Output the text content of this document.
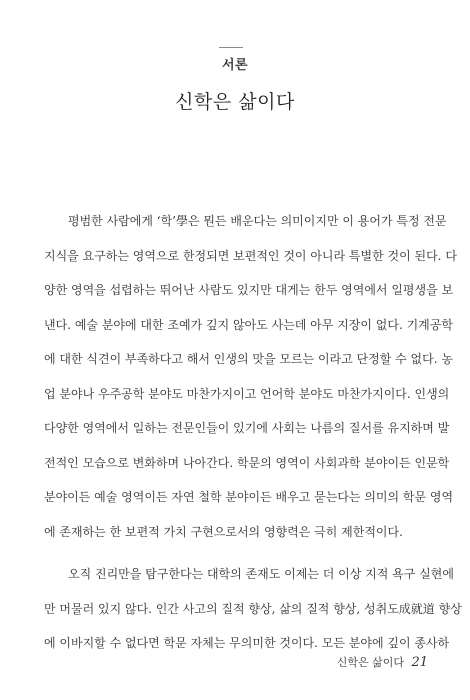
서론
신학은 삶이다
평범한 사람에게 ‘학’學은 뭔든 배운다는 의미이지만 이 용어가 특정 전문
지식을 요구하는 영역으로 한정되면 보편적인 것이 아니라 특별한 것이 된다. 다
양한 영역을 섭렵하는 뛰어난 사람도 있지만 대게는 한두 영역에서 일평생을 보
낸다. 예술 분야에 대한 조예가 깊지 않아도 사는데 아무 지장이 없다. 기계공학
에 대한 식견이 부족하다고 해서 인생의 맛을 모르는 이라고 단정할 수 없다. 농
업 분야나 우주공학 분야도 마찬가지이고 언어학 분야도 마찬가지이다. 인생의
다양한 영역에서 일하는 전문인들이 있기에 사회는 나름의 질서를 유지하며 발
전적인 모습으로 변화하며 나아간다. 학문의 영역이 사회과학 분야이든 인문학
분야이든 예술 영역이든 자연 철학 분야이든 배우고 묻는다는 의미의 학문 영역
에 존재하는 한 보편적 가치 구현으로서의 영향력은 극히 제한적이다.
오직 진리만을 탐구한다는 대학의 존재도 이제는 더 이상 지적 욕구 실현에
만 머물러 있지 않다. 인간 사고의 질적 향상, 삶의 질적 향상, 성취도成就道 향상
에 이바지할 수 없다면 학문 자체는 무의미한 것이다. 모든 분야에 깊이 종사하
신학은 삶이다 21
